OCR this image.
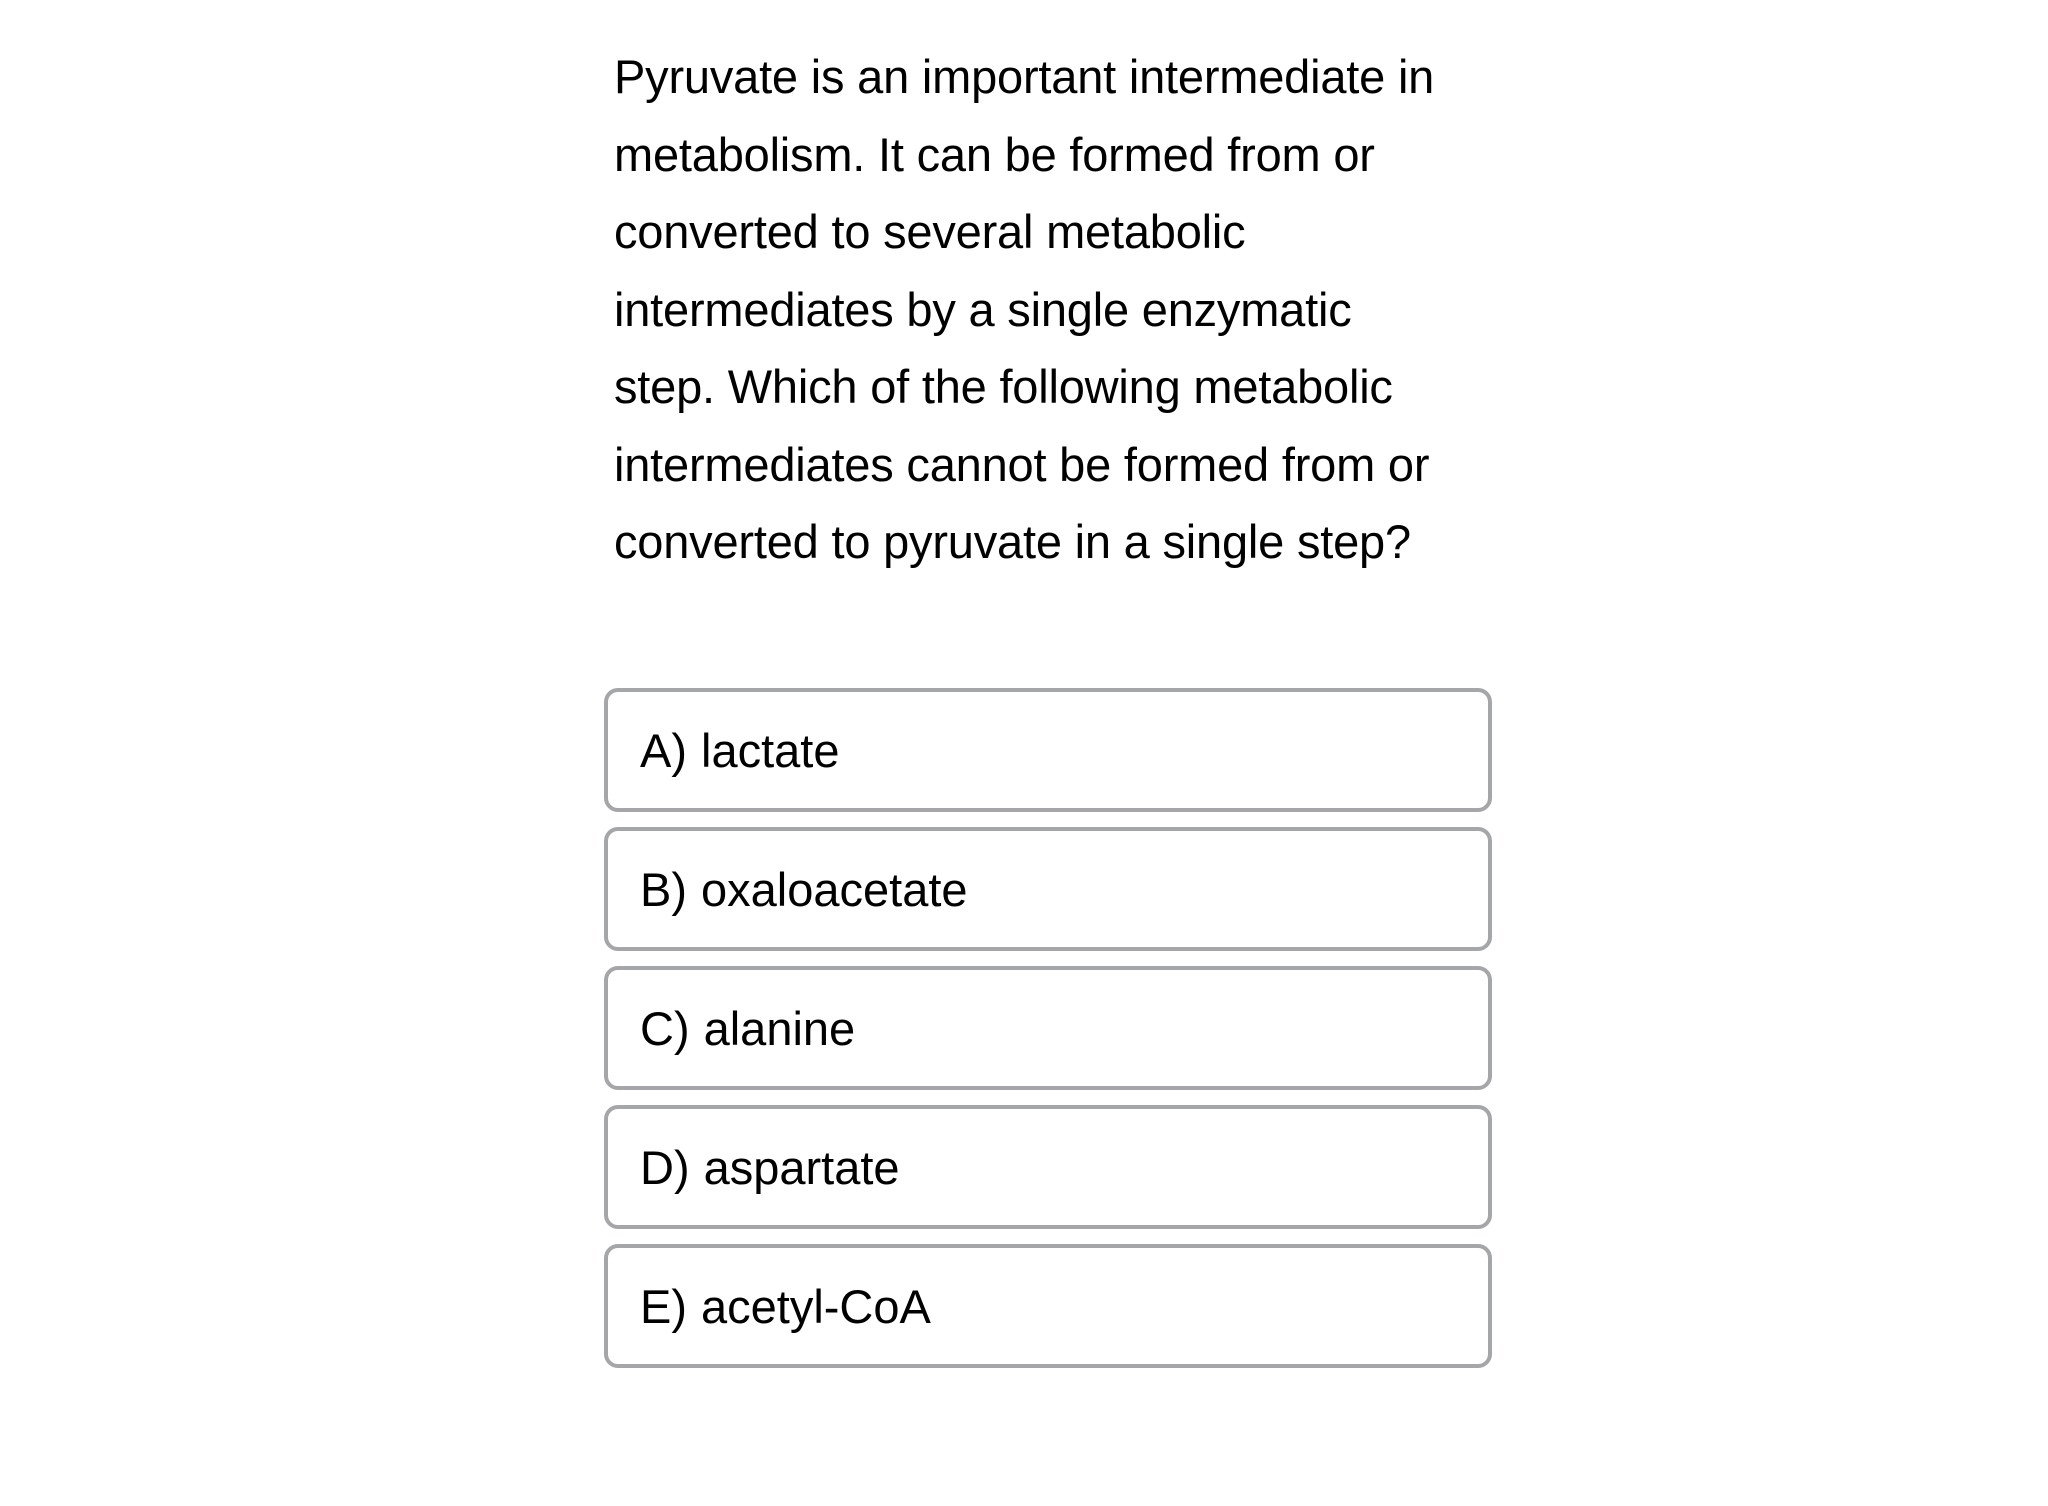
Pyruvate is an important intermediate in
metabolism. It can be formed from or
converted to several metabolic
intermediates by a single enzymatic
step. Which of the following metabolic
intermediates cannot be formed from or
converted to pyruvate in a single step?

A) lactate
B) oxaloacetate
C) alanine
D) aspartate
E) acetyl-CoA
